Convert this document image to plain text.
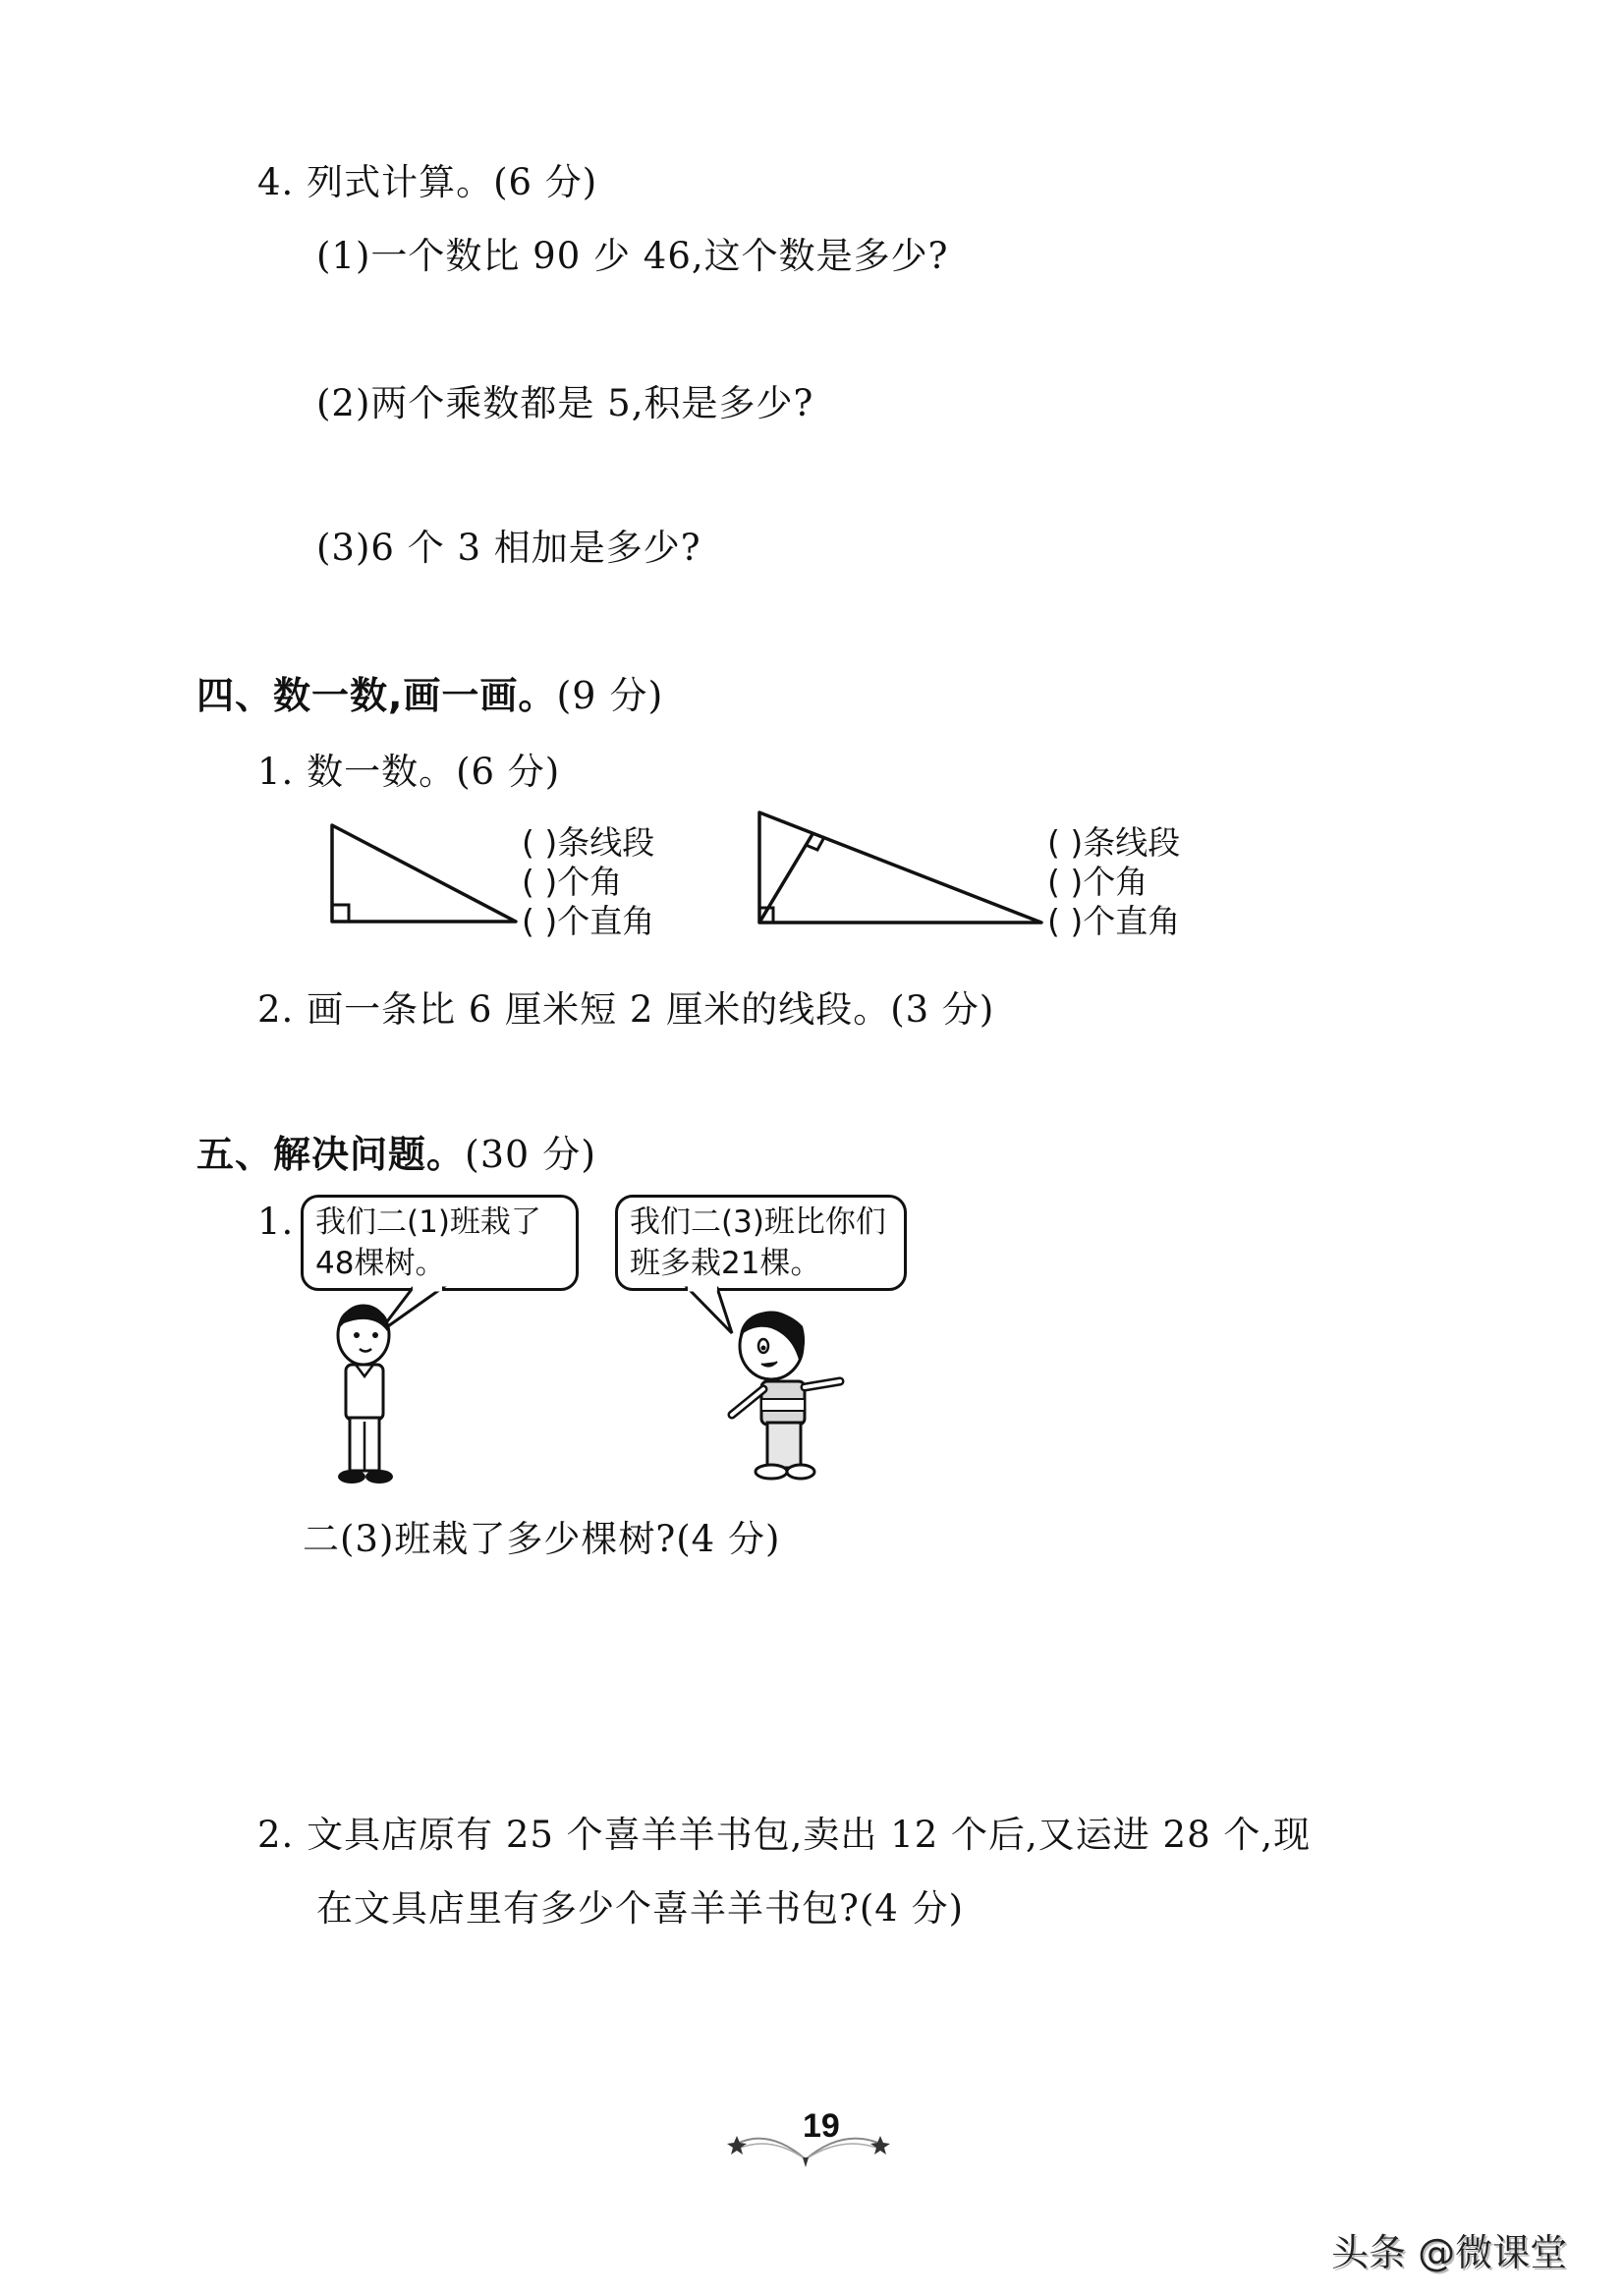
4. 列式计算。(6 分)
(1)一个数比 90 少 46,这个数是多少?
(2)两个乘数都是 5,积是多少?
(3)6 个 3 相加是多少?
四、数一数,画一画。(9 分)
1. 数一数。(6 分)
( )条线段
( )个角
( )个直角
( )条线段
( )个角
( )个直角
2. 画一条比 6 厘米短 2 厘米的线段。(3 分)
五、解决问题。(30 分)
1. 我们二(1)班栽了48棵树。
我们二(3)班比你们班多栽21棵。
二(3)班栽了多少棵树?(4 分)
2. 文具店原有 25 个喜羊羊书包,卖出 12 个后,又运进 28 个,现
在文具店里有多少个喜羊羊书包?(4 分)
19
头条 @微课堂
